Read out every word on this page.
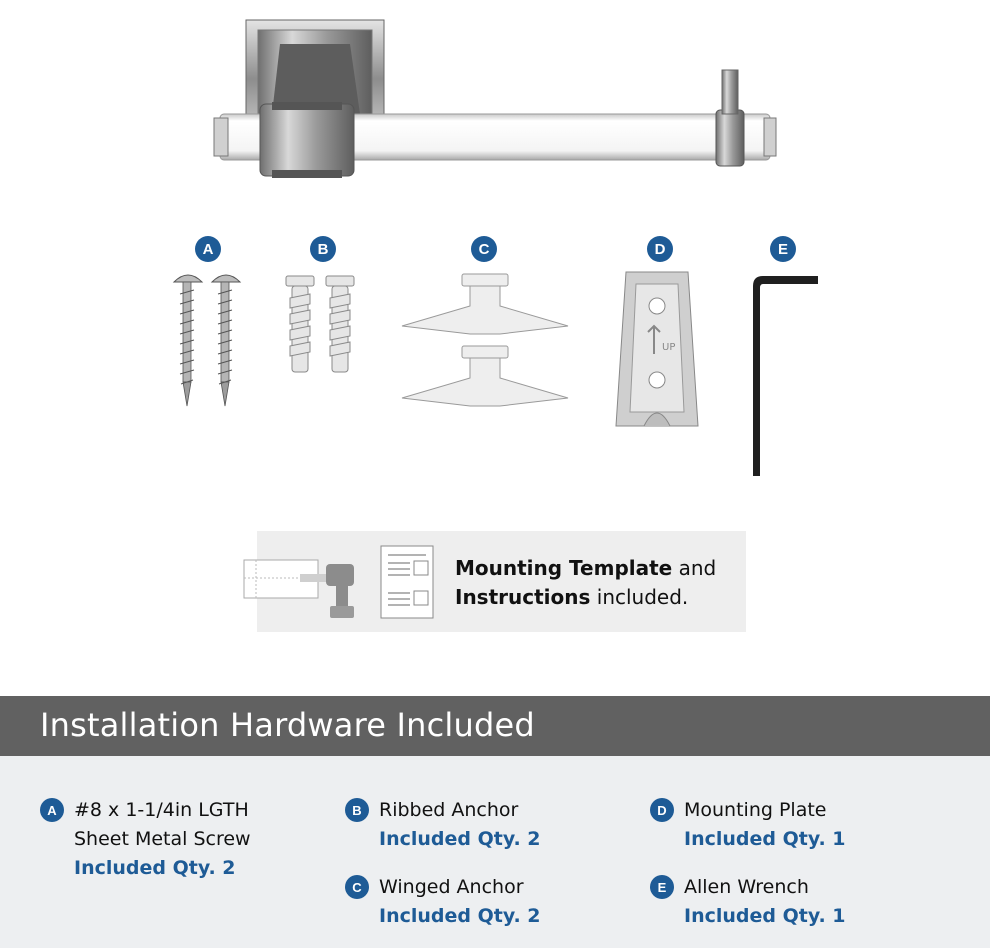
A	B	C	D	E
UP
Mounting Template and
Instructions included.
Installation Hardware Included
A #8 x 1-1/4in LGTH
Sheet Metal Screw
Included Qty. 2
B Ribbed Anchor
Included Qty. 2
C Winged Anchor
Included Qty. 2
D Mounting Plate
Included Qty. 1
E Allen Wrench
Included Qty. 1
